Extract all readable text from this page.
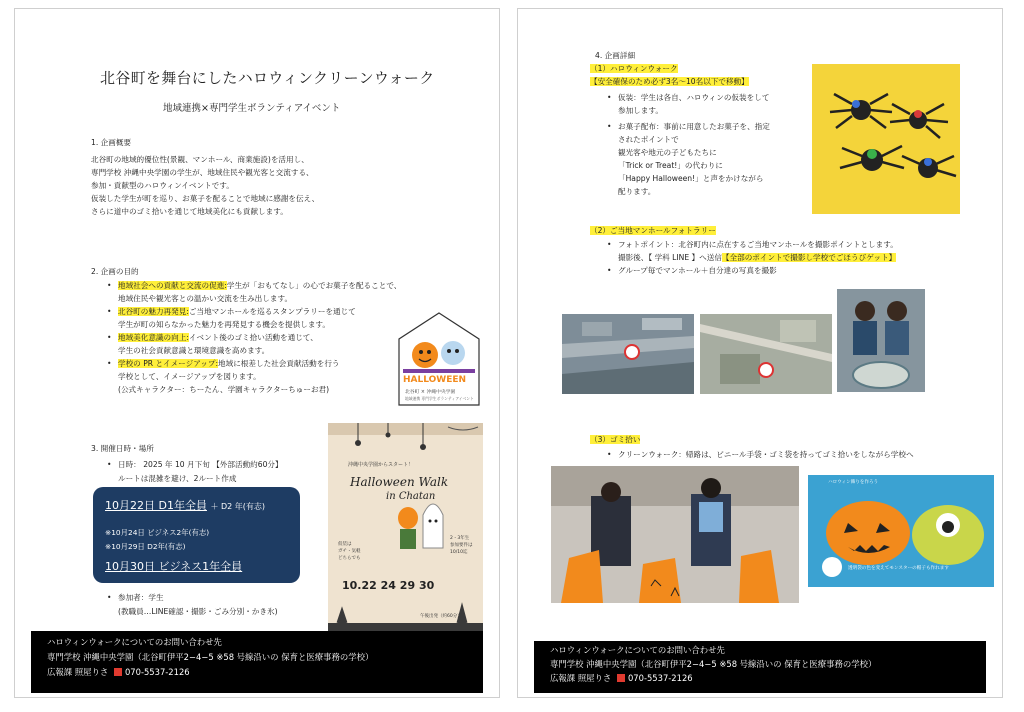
北谷町を舞台にしたハロウィンクリーンウォーク
地域連携×専門学生ボランティアイベント
1. 企画概要
北谷町の地域的優位性(景観、マンホール、商業施設)を活用し、
専門学校 沖縄中央学園の学生が、地域住民や観光客と交流する、
参加・貢献型のハロウィンイベントです。
仮装した学生が町を巡り、お菓子を配ることで地域に感謝を伝え、
さらに道中のゴミ拾いを通じて地域美化にも貢献します。
2. 企画の目的
地域社会への貢献と交流の促進:学生が「おもてなし」の心でお菓子を配ることで、
地域住民や観光客との温かい交流を生み出します。
北谷町の魅力再発見:ご当地マンホールを巡るスタンプラリーを通じて
学生が町の知らなかった魅力を再発見する機会を提供します。
地域美化意識の向上:イベント後のゴミ拾い活動を通じて、
学生の社会貢献意識と環境意識を高めます。
学校の PR とイメージアップ:地域に根差した社会貢献活動を行う
学校として、イメージアップを図ります。
(公式キャラクター：ちーたん、学園キャラクターちゅーお君)
HALLOWEEN
北谷町 × 沖縄中央学園
地域連携 専門学生ボランティアイベント
3. 開催日時・場所
日時： 2025 年 10 月下旬 【外部活動約60分】
ルートは混雑を避け、2ルート作成
10月22日 D1年全員 ＋ D2 年(有志)
※10月24日 ビジネス2年(有志)
※10月29日 D2年(有志)
10月30日 ビジネス1年全員
参加者：学生
(教職員…LINE確認・撮影・ごみ分別・かき氷)
沖縄中央学園からスタート！
Halloween Walk
in Chatan
仮装は
ガチ・気軽
どちらでも
2・3年生
参加要件は
10/10迄
10.22 24 29 30
午後出発（約60分）
ハロウィンウォークについてのお問い合わせ先
専門学校 沖縄中央学園（北谷町伊平2−4−5 ※58 号線沿いの 保育と医療事務の学校）
広報課 照屋りさ 070-5537-2126
4. 企画詳細
（1）ハロウィンウォーク
【安全確保のため必ず3名～10名以下で移動】
仮装：学生は各自、ハロウィンの仮装をして
参加します。
お菓子配布：事前に用意したお菓子を、指定
されたポイントで
観光客や地元の子どもたちに
「Trick or Treat!」の代わりに
「Happy Halloween!」と声をかけながら
配ります。
（2）ご当地マンホールフォトラリー
フォトポイント：北谷町内に点在するご当地マンホールを撮影ポイントとします。
撮影後、【 学科 LINE 】へ送信【全部のポイントで撮影し学校でごほうびゲット】
グループ毎でマンホール＋自分達の写真を撮影
（3）ゴミ拾い
クリーンウォーク：帰路は、ビニール手袋・ゴミ袋を持ってゴミ拾いをしながら学校へ
ハロウィン飾りを作ろう
透明袋の色を変えてモンスターの帽子も作れます
ハロウィンウォークについてのお問い合わせ先
専門学校 沖縄中央学園（北谷町伊平2−4−5 ※58 号線沿いの 保育と医療事務の学校）
広報課 照屋りさ 070-5537-2126
